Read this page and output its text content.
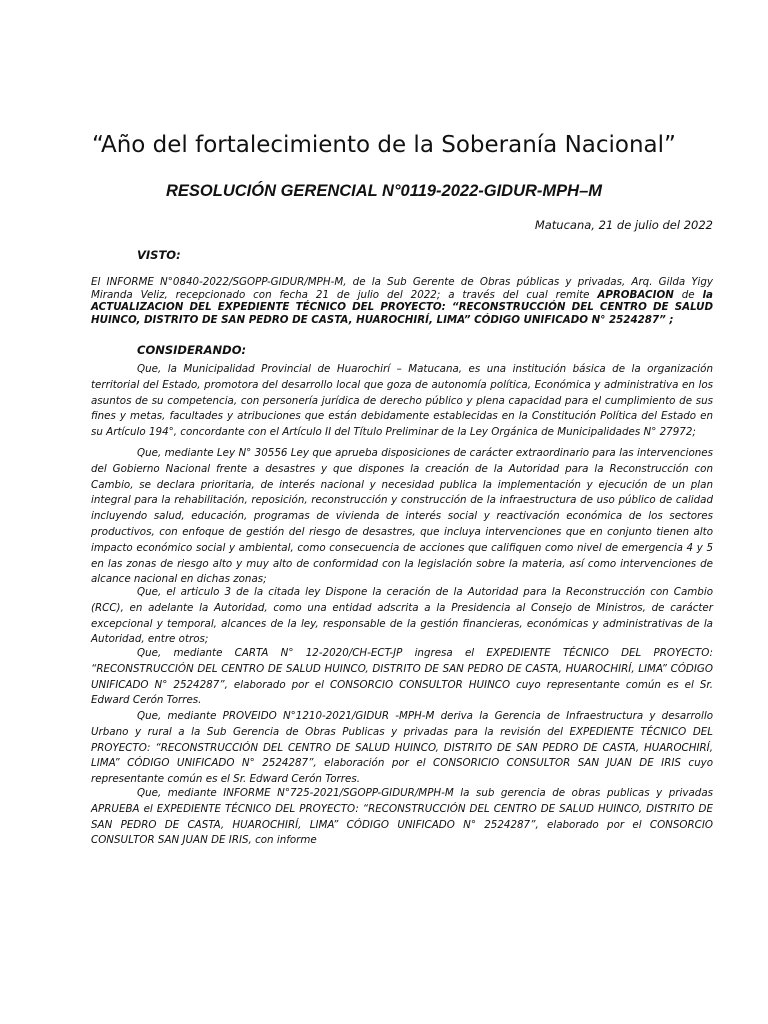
“Año del fortalecimiento de la Soberanía Nacional”
RESOLUCIÓN GERENCIAL N°0119-2022-GIDUR-MPH–M
Matucana, 21 de julio del 2022
VISTO:
El INFORME N°0840-2022/SGOPP-GIDUR/MPH-M, de la Sub Gerente de Obras públicas y privadas, Arq. Gilda Yigy Miranda Veliz, recepcionado con fecha 21 de julio del 2022; a través del cual remite APROBACION de la ACTUALIZACION DEL EXPEDIENTE TÉCNICO DEL PROYECTO: “RECONSTRUCCIÓN DEL CENTRO DE SALUD HUINCO, DISTRITO DE SAN PEDRO DE CASTA, HUAROCHIRÍ, LIMA” CÓDIGO UNIFICADO N° 2524287” ;
CONSIDERANDO:
Que, la Municipalidad Provincial de Huarochirí – Matucana, es una institución básica de la organización territorial del Estado, promotora del desarrollo local que goza de autonomía política, Económica y administrativa en los asuntos de su competencia, con personería jurídica de derecho público y plena capacidad para el cumplimiento de sus fines y metas, facultades y atribuciones que están debidamente establecidas en la Constitución Política del Estado en su Artículo 194°, concordante con el Artículo II del Título Preliminar de la Ley Orgánica de Municipalidades N° 27972;
Que, mediante Ley N° 30556 Ley que aprueba disposiciones de carácter extraordinario para las intervenciones del Gobierno Nacional frente a desastres y que dispones la creación de la Autoridad para la Reconstrucción con Cambio, se declara prioritaria, de interés nacional y necesidad publica la implementación y ejecución de un plan integral para la rehabilitación, reposición, reconstrucción y construcción de la infraestructura de uso público de calidad incluyendo salud, educación, programas de vivienda de interés social y reactivación económica de los sectores productivos, con enfoque de gestión del riesgo de desastres, que incluya intervenciones que en conjunto tienen alto impacto económico social y ambiental, como consecuencia de acciones que califiquen como nivel de emergencia 4 y 5 en las zonas de riesgo alto y muy alto de conformidad con la legislación sobre la materia, así como intervenciones de alcance nacional en dichas zonas;
Que, el articulo 3 de la citada ley Dispone la ceración de la Autoridad para la Reconstrucción con Cambio (RCC), en adelante la Autoridad, como una entidad adscrita a la Presidencia al Consejo de Ministros, de carácter excepcional y temporal, alcances de la ley, responsable de la gestión financieras, económicas y administrativas de la Autoridad, entre otros;
Que, mediante CARTA N° 12-2020/CH-ECT-JP ingresa el EXPEDIENTE TÉCNICO DEL PROYECTO: “RECONSTRUCCIÓN DEL CENTRO DE SALUD HUINCO, DISTRITO DE SAN PEDRO DE CASTA, HUAROCHIRÍ, LIMA” CÓDIGO UNIFICADO N° 2524287”, elaborado por el CONSORCIO CONSULTOR HUINCO cuyo representante común es el Sr. Edward Cerón Torres.
Que, mediante PROVEIDO N°1210-2021/GIDUR -MPH-M deriva la Gerencia de Infraestructura y desarrollo Urbano y rural a la Sub Gerencia de Obras Publicas y privadas para la revisión del EXPEDIENTE TÉCNICO DEL PROYECTO: “RECONSTRUCCIÓN DEL CENTRO DE SALUD HUINCO, DISTRITO DE SAN PEDRO DE CASTA, HUAROCHIRÍ, LIMA” CÓDIGO UNIFICADO N° 2524287”, elaboración por el CONSORICIO CONSULTOR SAN JUAN DE IRIS cuyo representante común es el Sr. Edward Cerón Torres.
Que, mediante INFORME N°725-2021/SGOPP-GIDUR/MPH-M la sub gerencia de obras publicas y privadas APRUEBA el EXPEDIENTE TÉCNICO DEL PROYECTO: “RECONSTRUCCIÓN DEL CENTRO DE SALUD HUINCO, DISTRITO DE SAN PEDRO DE CASTA, HUAROCHIRÍ, LIMA” CÓDIGO UNIFICADO N° 2524287”, elaborado por el CONSORCIO CONSULTOR SAN JUAN DE IRIS, con informe
